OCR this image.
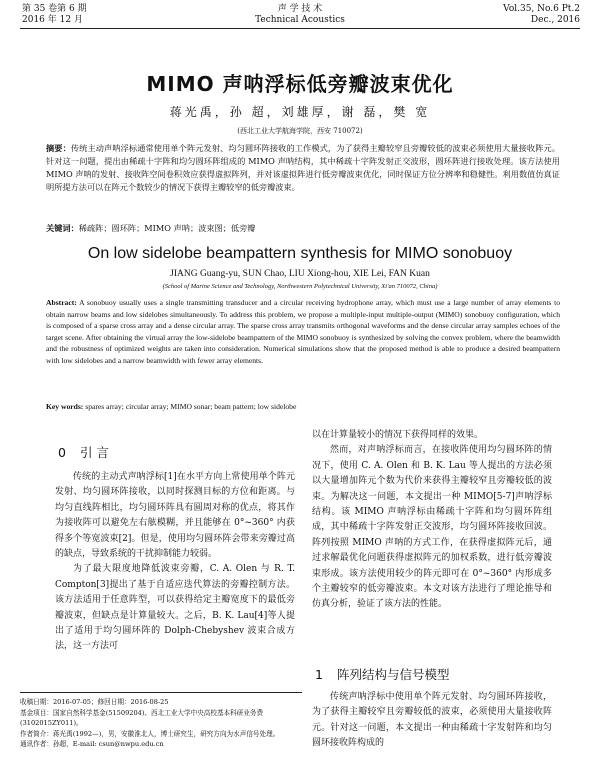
第 35 卷第 6 期
2016 年 12 月
声 学 技 术
Technical Acoustics
Vol.35, No.6 Pt.2
Dec., 2016
MIMO 声呐浮标低旁瓣波束优化
蒋光禹，孙 超，刘雄厚，谢 磊，樊 宽
(西北工业大学航海学院，西安 710072)
摘要：传统主动声呐浮标通常使用单个阵元发射、均匀圆环阵接收的工作模式，为了获得主瓣较窄且旁瓣较低的波束必须使用大量接收阵元。针对这一问题，提出由稀疏十字阵和均匀圆环阵组成的 MIMO 声呐结构，其中稀疏十字阵发射正交波形，圆环阵进行接收处理。该方法使用 MIMO 声呐的发射、接收阵空间卷积效应获得虚拟阵列，并对该虚拟阵进行低旁瓣波束优化，同时保证方位分辨率和稳健性。利用数值仿真证明所提方法可以在阵元个数较少的情况下获得主瓣较窄的低旁瓣波束。
关键词：稀疏阵；圆环阵；MIMO 声呐；波束图；低旁瓣
On low sidelobe beampattern synthesis for MIMO sonobuoy
JIANG Guang-yu, SUN Chao, LIU Xiong-hou, XIE Lei, FAN Kuan
(School of Marine Science and Technology, Northwestern Polytechnical University, Xi'an 710072, China)
Abstract: A sonobuoy usually uses a single transmitting transducer and a circular receiving hydrophone array, which must use a large number of array elements to obtain narrow beams and low sidelobes simultaneously. To address this problem, we propose a multiple-input multiple-output (MIMO) sonobuoy configuration, which is composed of a sparse cross array and a dense circular array. The sparse cross array transmits orthogonal waveforms and the dense circular array samples echoes of the target scene. After obtaining the virtual array the low-sidelobe beampattern of the MIMO sonobuoy is synthesized by solving the convex problem, where the beamwidth and the robustness of optimized weights are taken into consideration. Numerical simulations show that the proposed method is able to produce a desired beampattern with low sidelobes and a narrow beamwidth with fewer array elements.
Key words: spares array; circular array; MIMO sonar; beam pattern; low sidelobe
0 引 言

传统的主动式声呐浮标[1]在水平方向上常使用单个阵元发射、均匀圆环阵接收，以同时探测目标的方位和距离。与均匀直线阵相比，均匀圆环阵具有圆周对称的优点，将其作为接收阵可以避免左右舷模糊，并且能够在 0°~360° 内获得多个等宽波束[2]。但是，使用均匀圆环阵会带来旁瓣过高的缺点，导致系统的干扰抑制能力较弱。

为了最大限度地降低波束旁瓣，C. A. Olen 与 R. T. Compton[3]提出了基于自适应迭代算法的旁瓣控制方法。该方法适用于任意阵型，可以获得给定主瓣宽度下的最低旁瓣波束，但缺点是计算量较大。之后，B. K. Lau[4]等人提出了适用于均匀圆环阵的 Dolph-Chebyshev 波束合成方法，这一方法可

以在计算量较小的情况下获得同样的效果。

然而，对声呐浮标而言，在接收阵使用均匀圆环阵的情况下，使用 C. A. Olen 和 B. K. Lau 等人提出的方法必须以大量增加阵元个数为代价来获得主瓣较窄且旁瓣较低的波束。为解决这一问题，本文提出一种 MIMO[5-7]声呐浮标结构。该 MIMO 声呐浮标由稀疏十字阵和均匀圆环阵组成，其中稀疏十字阵发射正交波形，均匀圆环阵接收回波。阵列按照 MIMO 声呐的方式工作，在获得虚拟阵元后，通过求解最优化问题获得虚拟阵元的加权系数，进行低旁瓣波束形成。该方法使用较少的阵元即可在 0°~360° 内形成多个主瓣较窄的低旁瓣波束。本文对该方法进行了理论推导和仿真分析，验证了该方法的性能。

1 阵列结构与信号模型

传统声呐浮标中使用单个阵元发射、均匀圆环阵接收，为了获得主瓣较窄且旁瓣较低的波束，必须使用大量接收阵元。针对这一问题，本文提出一种由稀疏十字发射阵和均匀圆环接收阵构成的

收稿日期：2016-07-05；修回日期：2016-08-25
基金项目：国家自然科学基金(51509204)、西北工业大学中央高校基本科研业务费(3102015ZY011)。
作者简介：蒋光禹(1992—)，男，安徽淮北人，博士研究生，研究方向为水声信号处理。
通讯作者：孙超，E-mail: csun@nwpu.edu.cn
